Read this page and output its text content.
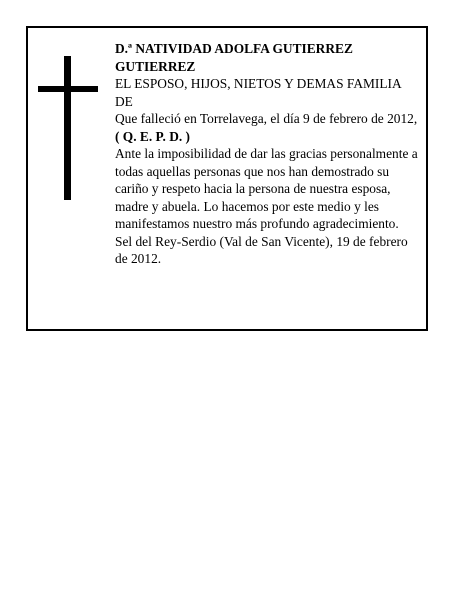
D.ª NATIVIDAD ADOLFA GUTIERREZ GUTIERREZ

EL ESPOSO, HIJOS, NIETOS Y DEMAS FAMILIA DE

Que falleció en Torrelavega, el día 9 de febrero de 2012,

( Q. E. P. D. )

Ante la imposibilidad de dar las gracias personalmente a todas aquellas personas que nos han demostrado su cariño y respeto hacia la persona de nuestra esposa, madre y abuela. Lo hacemos por este medio y les manifestamos nuestro más profundo agradecimiento.

Sel del Rey-Serdio (Val de San Vicente), 19 de febrero de 2012.
